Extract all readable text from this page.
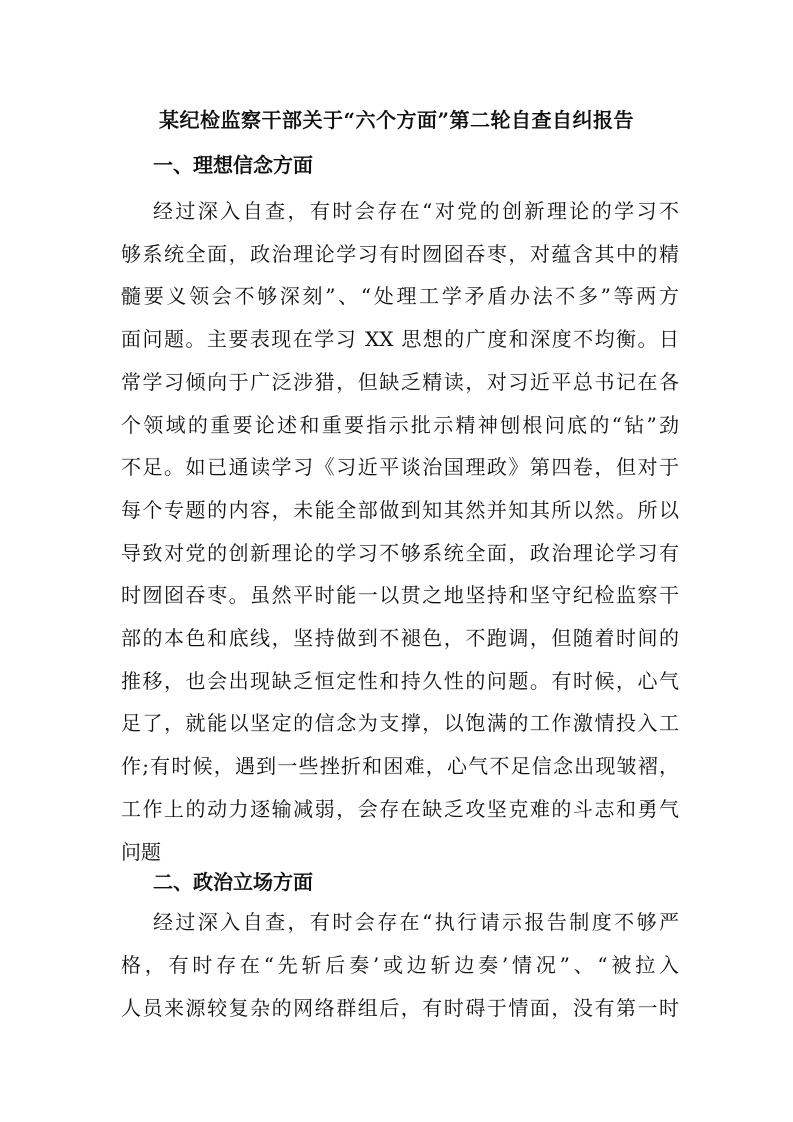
某纪检监察干部关于“六个方面”第二轮自查自纠报告
一、理想信念方面
经过深入自查，有时会存在“对党的创新理论的学习不
够系统全面，政治理论学习有时囫囵吞枣，对蕴含其中的精
髓要义领会不够深刻”、“处理工学矛盾办法不多”等两方
面问题。主要表现在学习 XX 思想的广度和深度不均衡。日
常学习倾向于广泛涉猎，但缺乏精读，对习近平总书记在各
个领域的重要论述和重要指示批示精神刨根问底的“钻”劲
不足。如已通读学习《习近平谈治国理政》第四卷，但对于
每个专题的内容，未能全部做到知其然并知其所以然。所以
导致对党的创新理论的学习不够系统全面，政治理论学习有
时囫囵吞枣。虽然平时能一以贯之地坚持和坚守纪检监察干
部的本色和底线，坚持做到不褪色，不跑调，但随着时间的
推移，也会出现缺乏恒定性和持久性的问题。有时候，心气
足了，就能以坚定的信念为支撑，以饱满的工作激情投入工
作;有时候，遇到一些挫折和困难，心气不足信念出现皱褶，
工作上的动力逐输减弱，会存在缺乏攻坚克难的斗志和勇气
问题
二、政治立场方面
经过深入自查，有时会存在“执行请示报告制度不够严
格，有时存在“先斩后奏’或边斩边奏’情况”、“被拉入
人员来源较复杂的网络群组后，有时碍于情面，没有第一时
